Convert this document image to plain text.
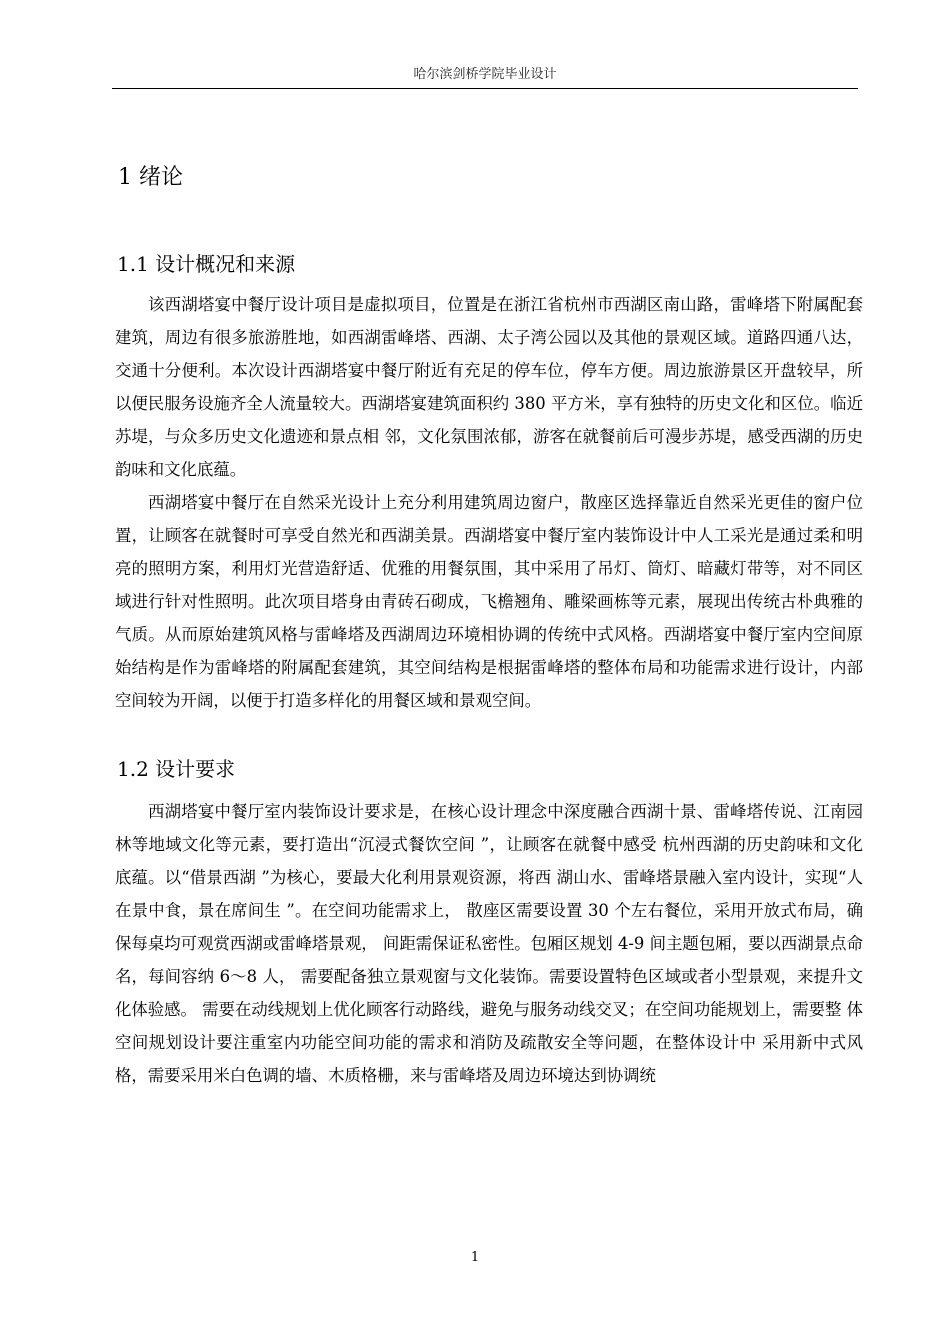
哈尔滨剑桥学院毕业设计
1 绪论
1.1 设计概况和来源

该西湖塔宴中餐厅设计项目是虚拟项目，位置是在浙江省杭州市西湖区南山路，雷峰塔下附属配套建筑，周边有很多旅游胜地，如西湖雷峰塔、西湖、太子湾公园以及其他的景观区域。道路四通八达，交通十分便利。本次设计西湖塔宴中餐厅附近有充足的停车位，停车方便。周边旅游景区开盘较早，所以便民服务设施齐全人流量较大。西湖塔宴建筑面积约 380 平方米，享有独特的历史文化和区位。临近苏堤，与众多历史文化遗迹和景点相 邻，文化氛围浓郁，游客在就餐前后可漫步苏堤，感受西湖的历史韵味和文化底蕴。

西湖塔宴中餐厅在自然采光设计上充分利用建筑周边窗户，散座区选择靠近自然采光更佳的窗户位置，让顾客在就餐时可享受自然光和西湖美景。西湖塔宴中餐厅室内装饰设计中人工采光是通过柔和明亮的照明方案，利用灯光营造舒适、优雅的用餐氛围，其中采用了吊灯、筒灯、暗藏灯带等，对不同区域进行针对性照明。此次项目塔身由青砖石砌成，飞檐翘角、雕梁画栋等元素，展现出传统古朴典雅的气质。从而原始建筑风格与雷峰塔及西湖周边环境相协调的传统中式风格。西湖塔宴中餐厅室内空间原始结构是作为雷峰塔的附属配套建筑，其空间结构是根据雷峰塔的整体布局和功能需求进行设计，内部空间较为开阔，以便于打造多样化的用餐区域和景观空间。

1.2 设计要求

西湖塔宴中餐厅室内装饰设计要求是，在核心设计理念中深度融合西湖十景、雷峰塔传说、江南园林等地域文化等元素，要打造出“沉浸式餐饮空间 ”，让顾客在就餐中感受 杭州西湖的历史韵味和文化底蕴。以“借景西湖 ”为核心，要最大化利用景观资源，将西 湖山水、雷峰塔景融入室内设计，实现“人在景中食，景在席间生 ”。在空间功能需求上， 散座区需要设置 30 个左右餐位，采用开放式布局，确保每桌均可观赏西湖或雷峰塔景观， 间距需保证私密性。包厢区规划 4-9 间主题包厢，要以西湖景点命名，每间容纳 6～8 人， 需要配备独立景观窗与文化装饰。需要设置特色区域或者小型景观，来提升文化体验感。 需要在动线规划上优化顾客行动路线，避免与服务动线交叉；在空间功能规划上，需要整 体空间规划设计要注重室内功能空间功能的需求和消防及疏散安全等问题，在整体设计中 采用新中式风格，需要采用米白色调的墙、木质格栅，来与雷峰塔及周边环境达到协调统

1
